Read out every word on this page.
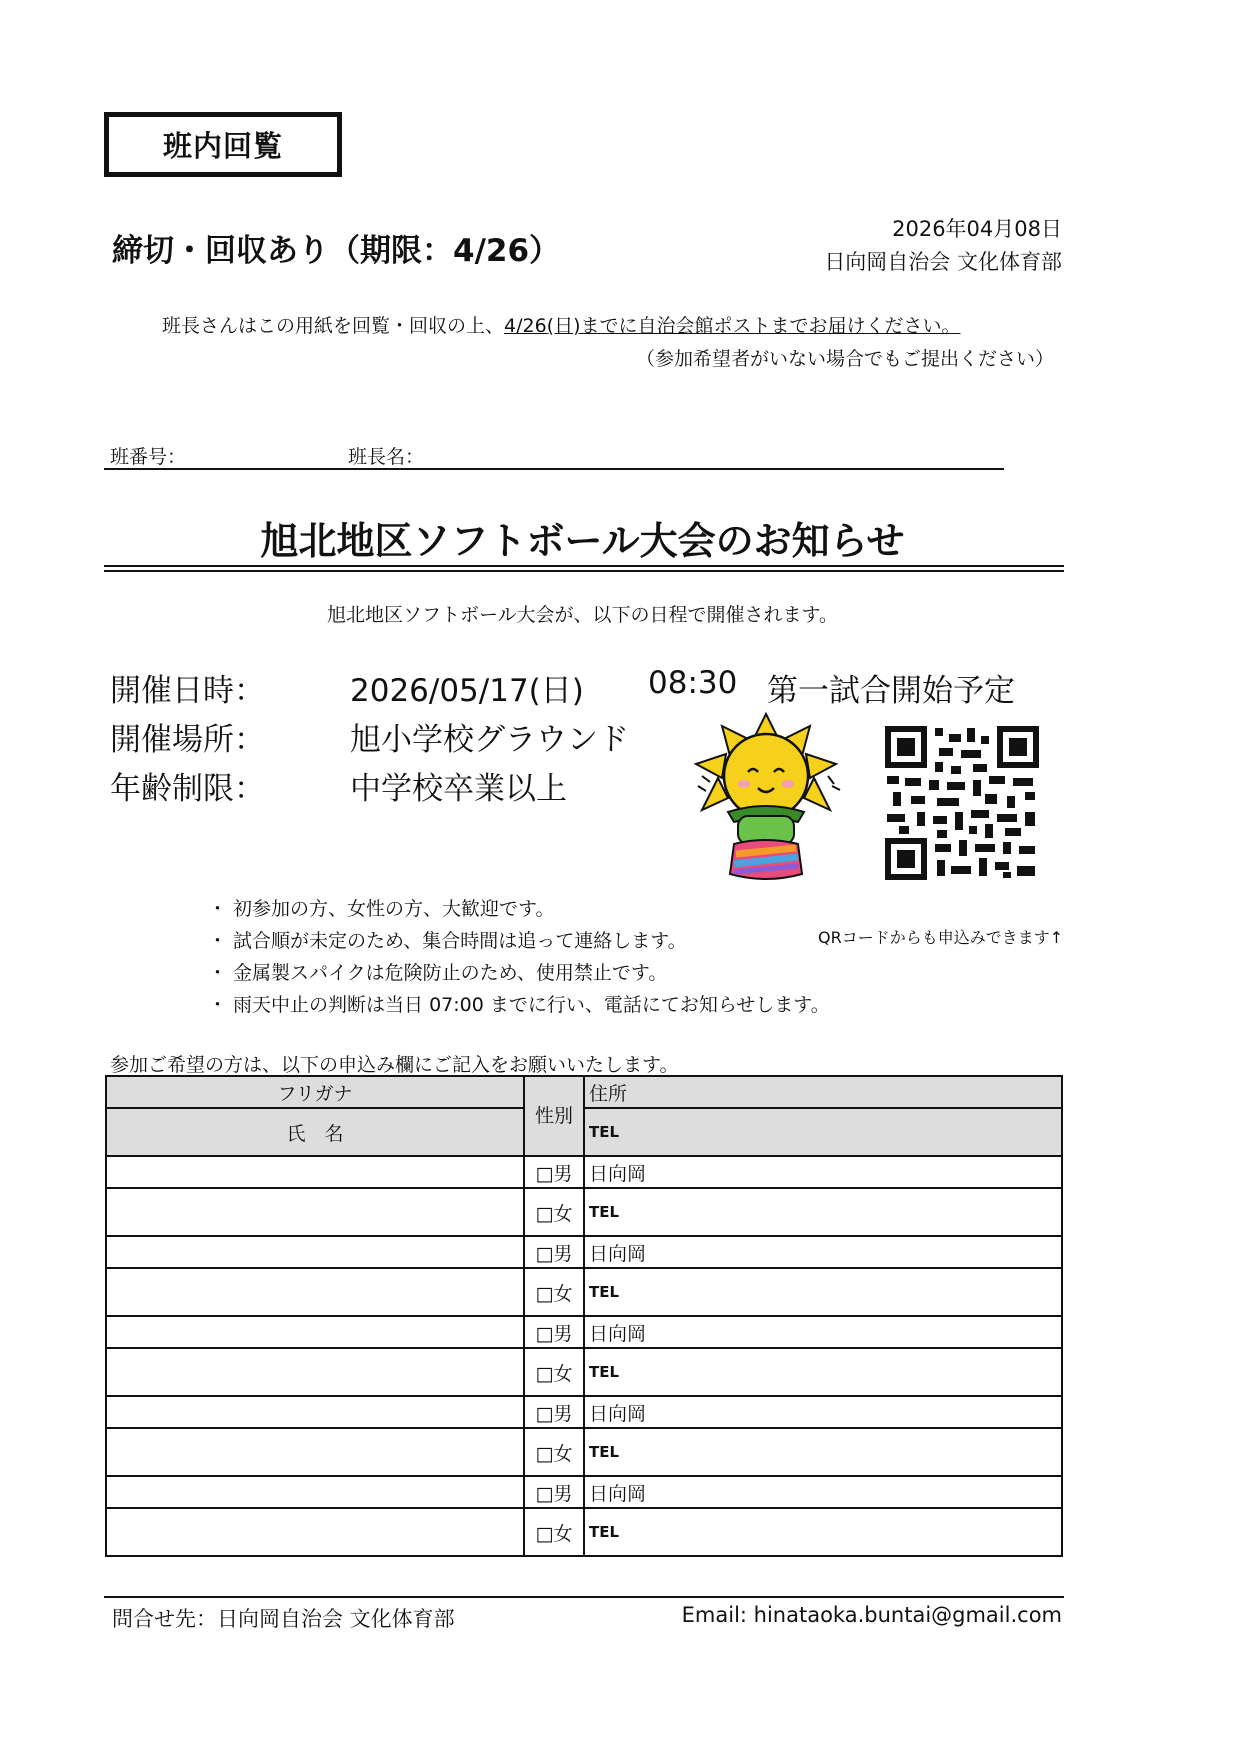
班内回覧
締切・回収あり（期限：4/26）
2026年04月08日
日向岡自治会 文化体育部
班長さんはこの用紙を回覧・回収の上、4/26(日)までに自治会館ポストまでお届けください。
（参加希望者がいない場合でもご提出ください）
班番号：	班長名：
旭北地区ソフトボール大会のお知らせ
旭北地区ソフトボール大会が、以下の日程で開催されます。
開催日時：	2026/05/17(日) 08:30 第一試合開始予定
開催場所：	旭小学校グラウンド
年齢制限：	中学校卒業以上
・ 初参加の方、女性の方、大歓迎です。
・ 試合順が未定のため、集合時間は追って連絡します。
・ 金属製スパイクは危険防止のため、使用禁止です。
・ 雨天中止の判断は当日 07:00 までに行い、電話にてお知らせします。
QRコードからも申込みできます↑
参加ご希望の方は、以下の申込み欄にご記入をお願いいたします。
フリガナ	性別	住所
氏　名		TEL
	□男	日向岡
	□女	TEL
	□男	日向岡
	□女	TEL
	□男	日向岡
	□女	TEL
	□男	日向岡
	□女	TEL
	□男	日向岡
	□女	TEL
問合せ先：日向岡自治会 文化体育部	Email: hinataoka.buntai@gmail.com
